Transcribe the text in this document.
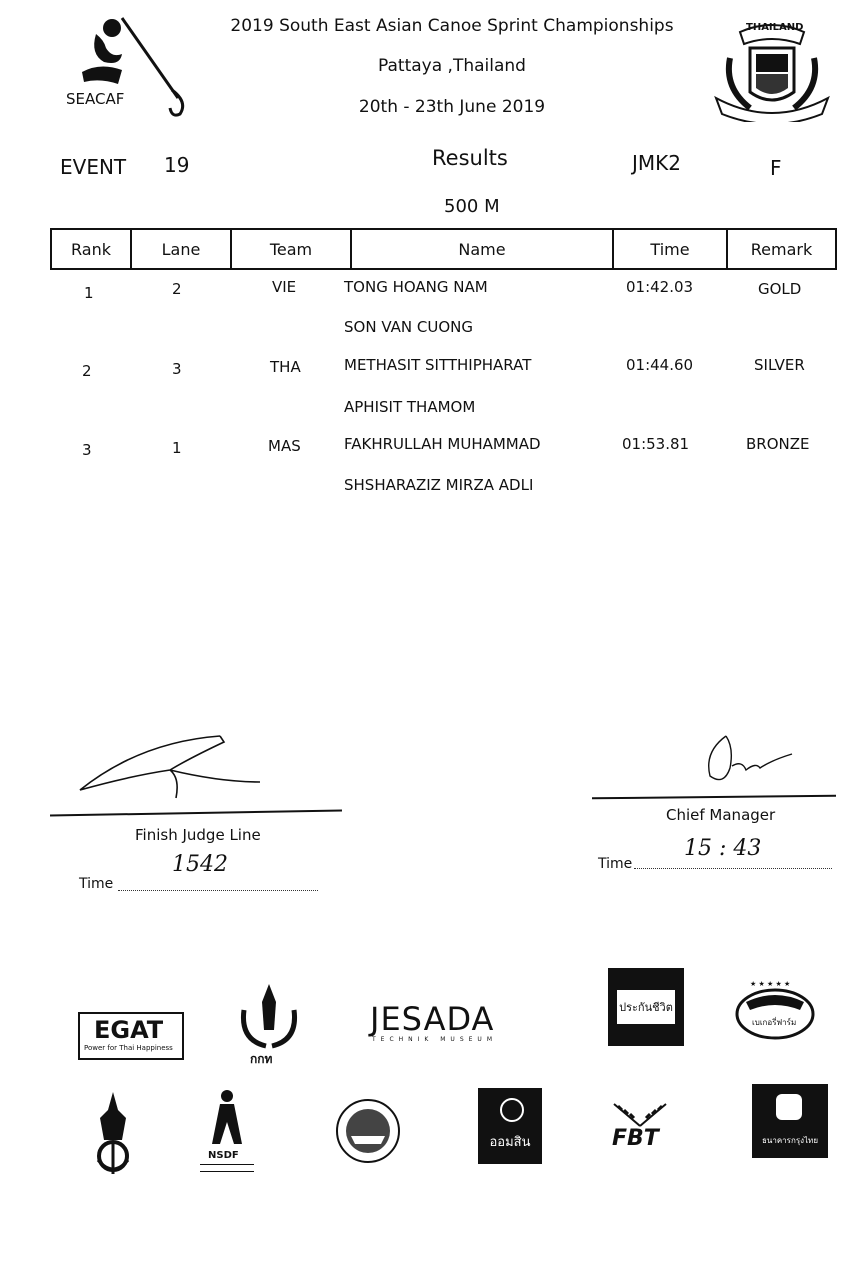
SEACAF
2019 South East Asian Canoe Sprint Championships
Pattaya ,Thailand
20th - 23th June 2019
THAILAND
EVENT 19	Results	JMK2	F
500 M
Rank	Lane	Team	Name	Time	Remark
1	2	VIE	TONG HOANG NAM	01:42.03	GOLD
SON VAN CUONG
2	3	THA	METHASIT SITTHIPHARAT	01:44.60	SILVER
APHISIT THAMOM
3	1	MAS	FAKHRULLAH MUHAMMAD	01:53.81	BRONZE
SHSHARAZIZ MIRZA ADLI
Finish Judge Line
1542
Time
Chief Manager
15 : 43
Time
EGAT
Power for Thai Happiness
กกท
JESADA
TECHNIK MUSEUM
ประกันชีวิต
★ ★ ★ ★ ★
เบเกอรี่ฟาร์ม
NSDF
ออมสิน	FBT	ธนาคารกรุงไทย
